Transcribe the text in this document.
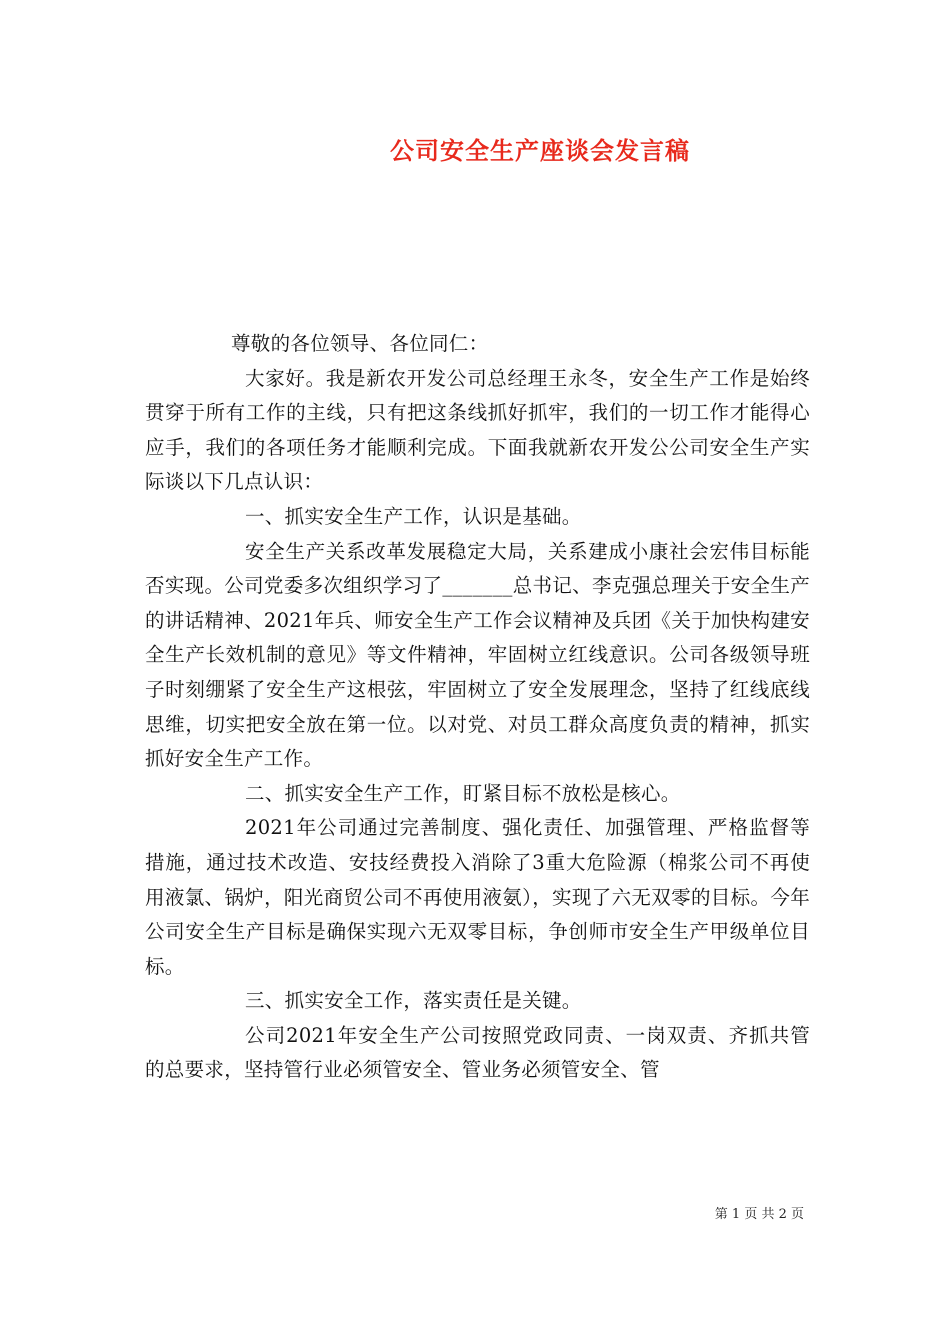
公司安全生产座谈会发言稿

尊敬的各位领导、各位同仁：

大家好。我是新农开发公司总经理王永冬，安全生产工作是始终贯穿于所有工作的主线，只有把这条线抓好抓牢，我们的一切工作才能得心应手，我们的各项任务才能顺利完成。下面我就新农开发公公司安全生产实际谈以下几点认识：

一、抓实安全生产工作，认识是基础。

安全生产关系改革发展稳定大局，关系建成小康社会宏伟目标能否实现。公司党委多次组织学习了_______总书记、李克强总理关于安全生产的讲话精神、2021年兵、师安全生产工作会议精神及兵团《关于加快构建安全生产长效机制的意见》等文件精神，牢固树立红线意识。公司各级领导班子时刻绷紧了安全生产这根弦，牢固树立了安全发展理念，坚持了红线底线思维，切实把安全放在第一位。以对党、对员工群众高度负责的精神，抓实抓好安全生产工作。

二、抓实安全生产工作，盯紧目标不放松是核心。

2021年公司通过完善制度、强化责任、加强管理、严格监督等措施，通过技术改造、安技经费投入消除了3重大危险源（棉浆公司不再使用液氯、锅炉，阳光商贸公司不再使用液氨），实现了六无双零的目标。今年公司安全生产目标是确保实现六无双零目标，争创师市安全生产甲级单位目标。

三、抓实安全工作，落实责任是关键。

公司2021年安全生产公司按照党政同责、一岗双责、齐抓共管的总要求，坚持管行业必须管安全、管业务必须管安全、管

第 1 页 共 2 页
